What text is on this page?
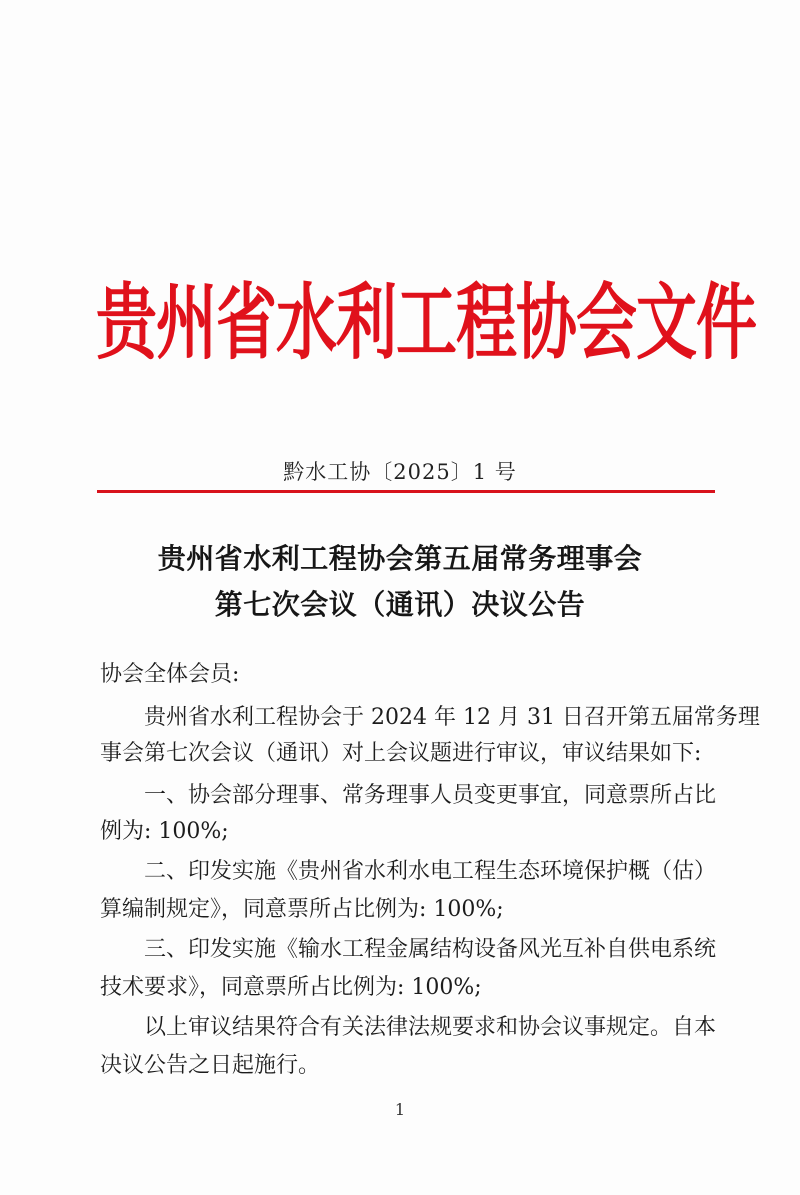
贵州省水利工程协会文件
黔水工协〔2025〕1 号
贵州省水利工程协会第五届常务理事会
第七次会议（通讯）决议公告
协会全体会员:
贵州省水利工程协会于 2024 年 12 月 31 日召开第五届常务理
事会第七次会议（通讯）对上会议题进行审议，审议结果如下:
一、协会部分理事、常务理事人员变更事宜，同意票所占比
例为: 100%;
二、印发实施《贵州省水利水电工程生态环境保护概（估）
算编制规定》，同意票所占比例为: 100%;
三、印发实施《输水工程金属结构设备风光互补自供电系统
技术要求》，同意票所占比例为: 100%;
以上审议结果符合有关法律法规要求和协会议事规定。自本
决议公告之日起施行。
1
